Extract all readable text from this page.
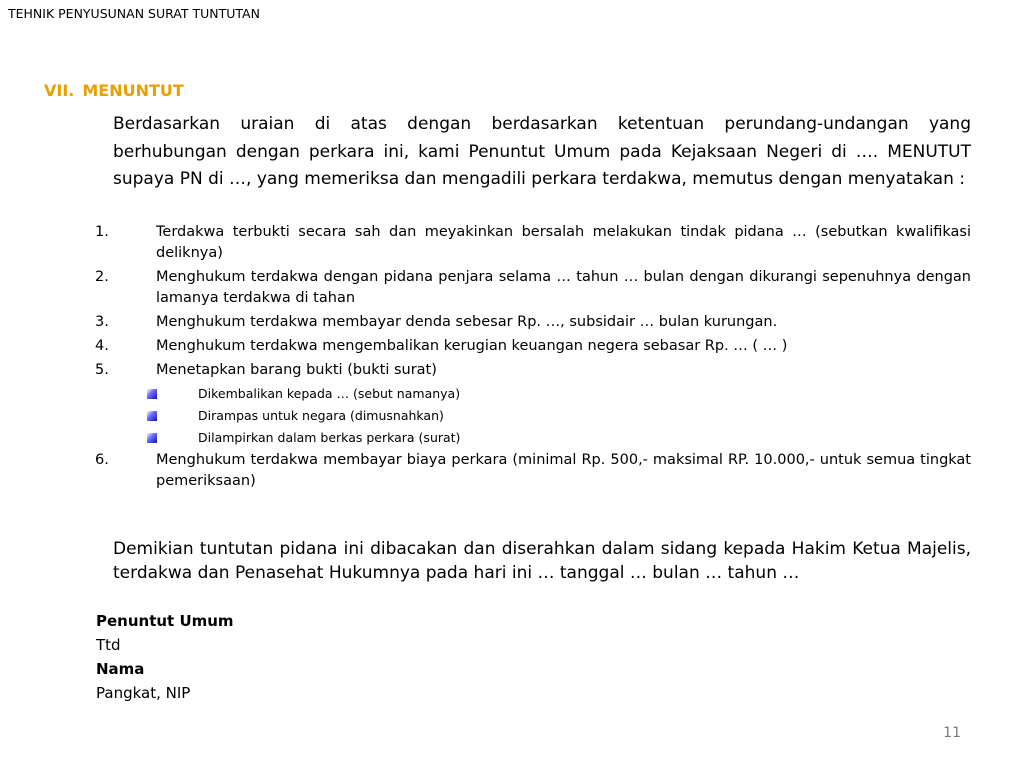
TEHNIK PENYUSUNAN SURAT TUNTUTAN
VII. MENUNTUT
Berdasarkan uraian di atas dengan berdasarkan ketentuan perundang-undangan yang berhubungan dengan perkara ini, kami Penuntut Umum pada Kejaksaan Negeri di …. MENUTUT supaya PN di …, yang memeriksa dan mengadili perkara terdakwa, memutus dengan menyatakan :
1.	Terdakwa terbukti secara sah dan meyakinkan bersalah melakukan tindak pidana … (sebutkan kwalifikasi deliknya)
2.	Menghukum terdakwa dengan pidana penjara selama … tahun … bulan dengan dikurangi sepenuhnya dengan lamanya terdakwa di tahan
3.	Menghukum terdakwa membayar denda sebesar Rp. …, subsidair … bulan kurungan.
4.	Menghukum terdakwa mengembalikan kerugian keuangan negera sebasar Rp. … ( … )
5.	Menetapkan barang bukti (bukti surat)
Dikembalikan kepada … (sebut namanya)
Dirampas untuk negara (dimusnahkan)
Dilampirkan dalam berkas perkara (surat)
6.	Menghukum terdakwa membayar biaya perkara (minimal Rp. 500,- maksimal RP. 10.000,- untuk semua tingkat pemeriksaan)
Demikian tuntutan pidana ini dibacakan dan diserahkan dalam sidang kepada Hakim Ketua Majelis, terdakwa dan Penasehat Hukumnya pada hari ini … tanggal … bulan … tahun …
Penuntut Umum
Ttd
Nama
Pangkat, NIP
11
